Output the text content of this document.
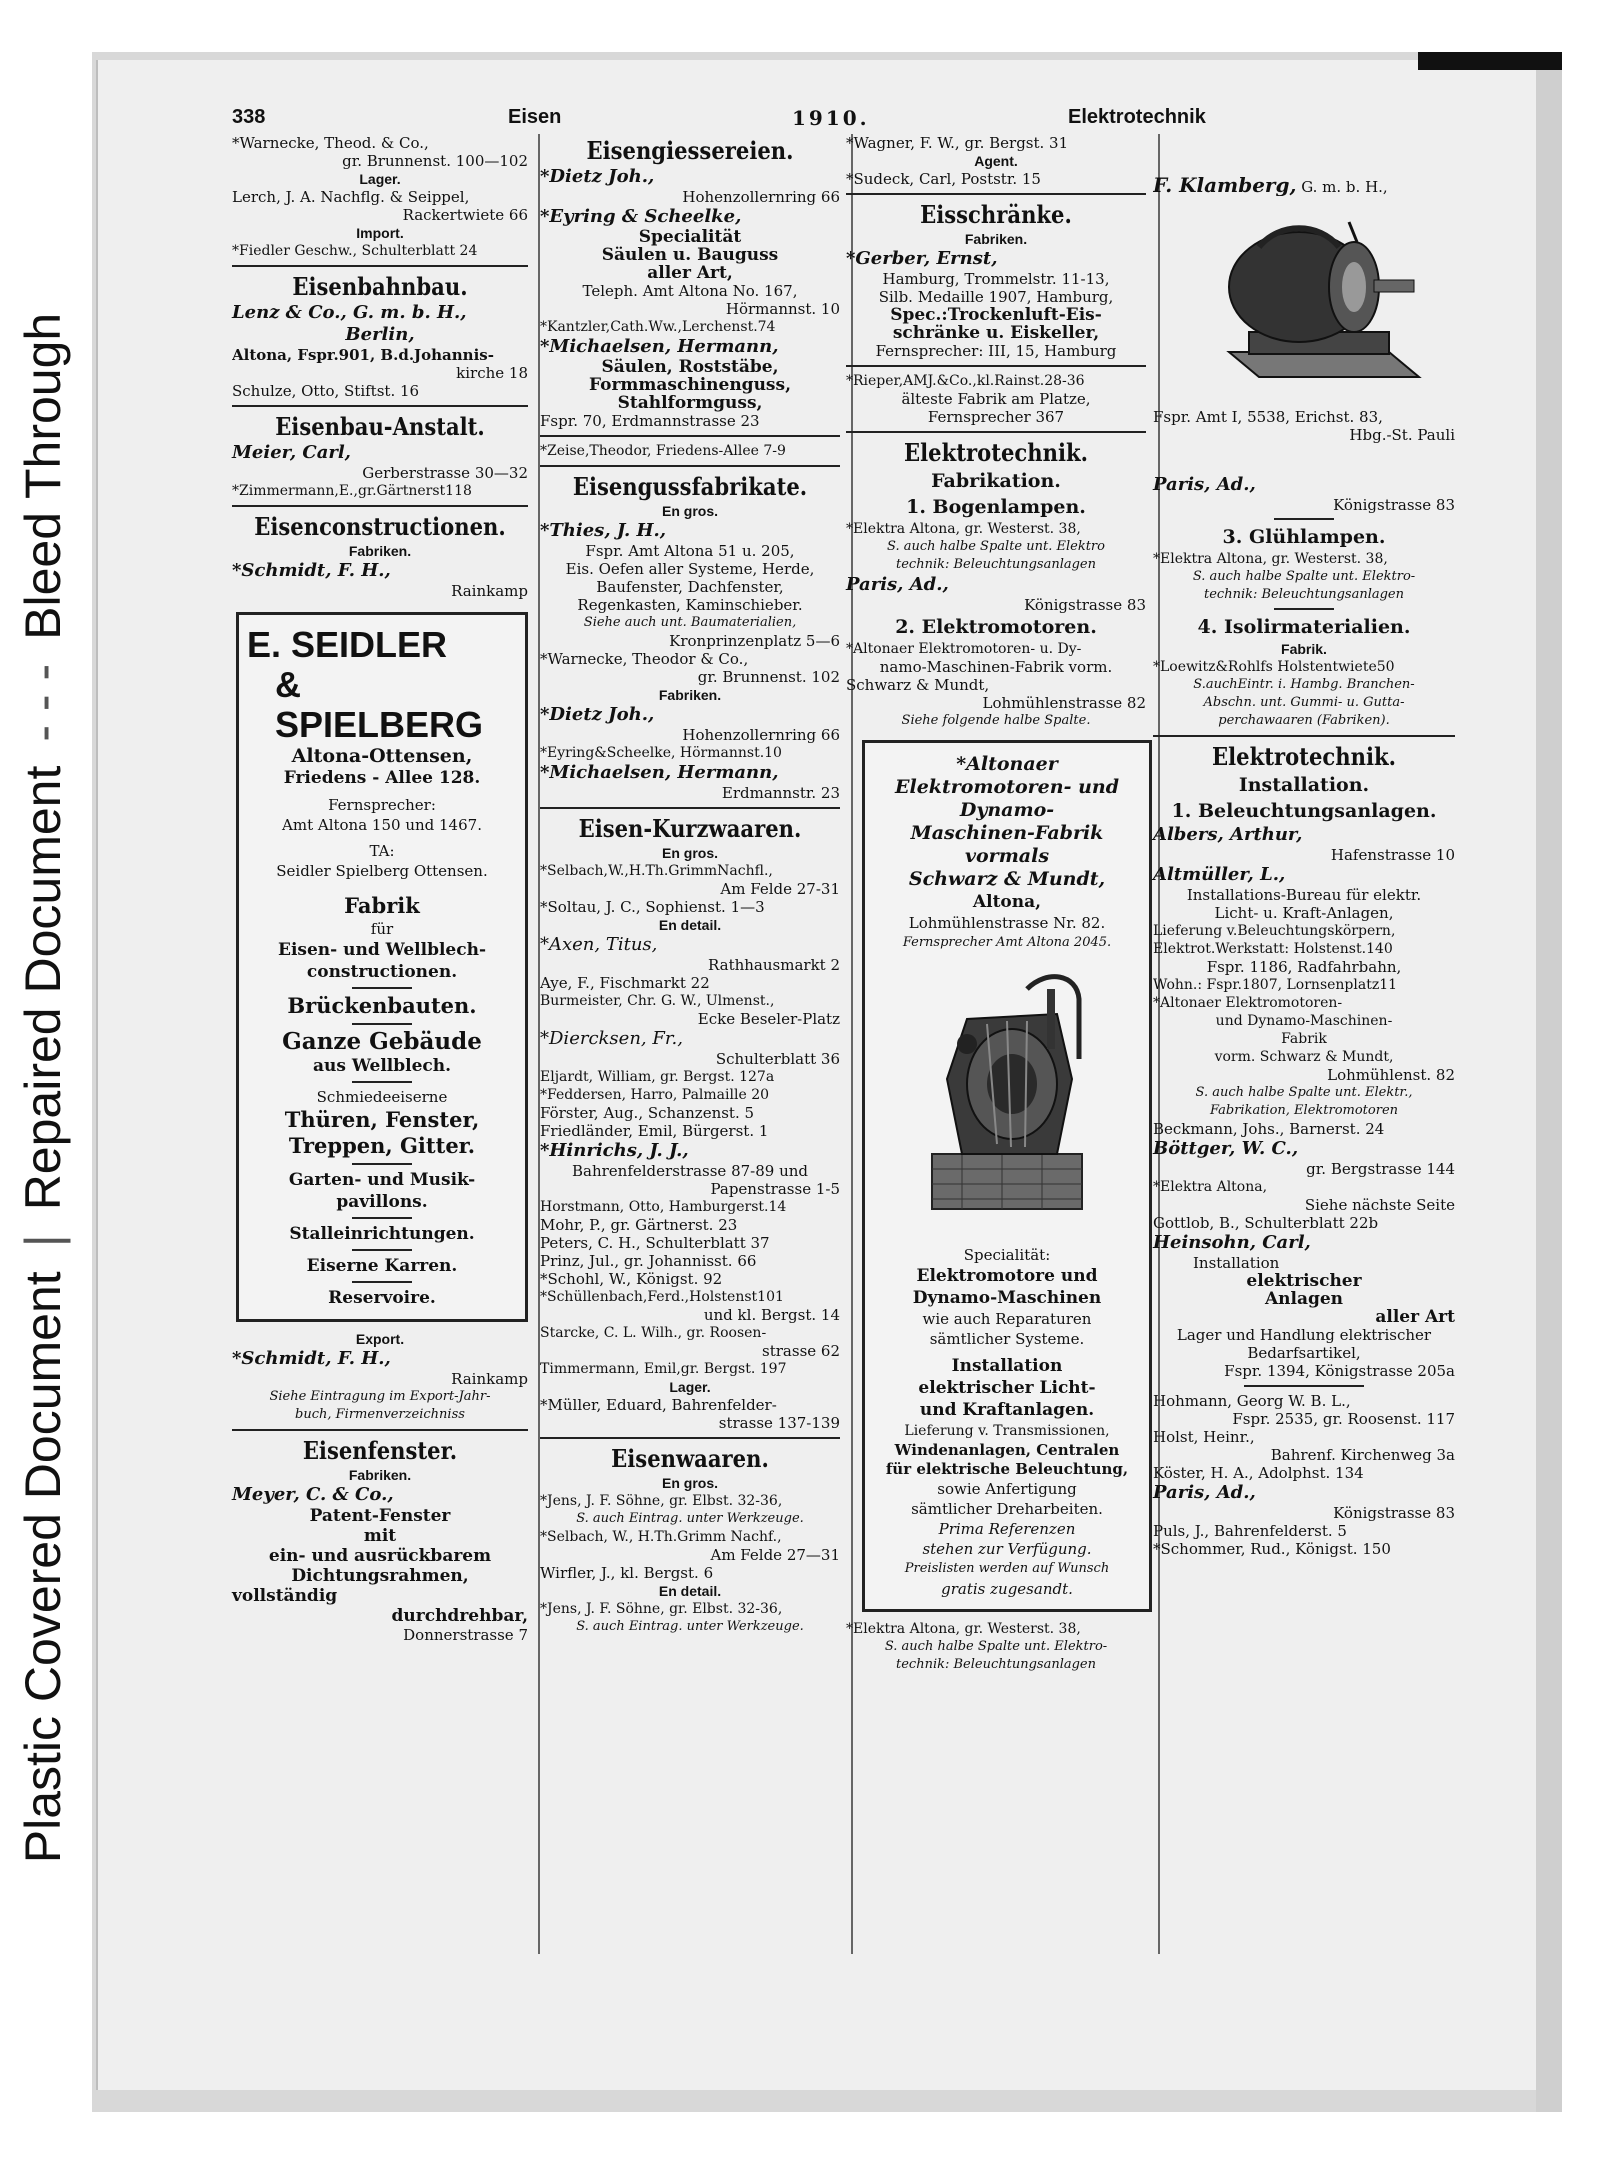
Plastic Covered Document|Repaired Document- - -Bleed Through
338	Eisen	1910.	Elektrotechnik
*Warnecke, Theod. & Co.,
gr. Brunnenst. 100—102
Lager.
Lerch, J. A. Nachflg. & Seippel,
Rackertwiete 66
Import.
*Fiedler Geschw., Schulterblatt 24
Eisenbahnbau.
Lenz & Co., G. m. b. H.,
Berlin,
Altona, Fspr.901, B.d.Johannis-
kirche 18
Schulze, Otto, Stiftst. 16
Eisenbau-Anstalt.
Meier, Carl,
Gerberstrasse 30—32
*Zimmermann,E.,gr.Gärtnerst118
Eisenconstructionen.
Fabriken.
*Schmidt, F. H.,
Rainkamp
E. SEIDLER
& SPIELBERG
Altona-Ottensen,
Friedens - Allee 128.
Fernsprecher:
Amt Altona 150 und 1467.
TA:
Seidler Spielberg Ottensen.
Fabrik
für
Eisen- und Wellblech-
constructionen.
Brückenbauten.
Ganze Gebäude
aus Wellblech.
Schmiedeeiserne
Thüren, Fenster,
Treppen, Gitter.
Garten- und Musik-
pavillons.
Stalleinrichtungen.
Eiserne Karren.
Reservoire.
Export.
*Schmidt, F. H.,
Rainkamp
Siehe Eintragung im Export-Jahr-
buch, Firmenverzeichniss
Eisenfenster.
Fabriken.
Meyer, C. & Co.,
Patent-Fenster
mit
ein- und ausrückbarem
Dichtungsrahmen,
vollständig
durchdrehbar,
Donnerstrasse 7
Eisengiessereien.
*Dietz Joh.,
Hohenzollernring 66
*Eyring & Scheelke,
Specialität
Säulen u. Bauguss
aller Art,
Teleph. Amt Altona No. 167,
Hörmannst. 10
*Kantzler,Cath.Ww.,Lerchenst.74
*Michaelsen, Hermann,
Säulen, Roststäbe,
Formmaschinenguss,
Stahlformguss,
Fspr. 70, Erdmannstrasse 23
*Zeise,Theodor, Friedens-Allee 7-9
Eisengussfabrikate.
En gros.
*Thies, J. H.,
Fspr. Amt Altona 51 u. 205,
Eis. Oefen aller Systeme, Herde,
Baufenster, Dachfenster,
Regenkasten, Kaminschieber.
Siehe auch unt. Baumaterialien,
Kronprinzenplatz 5—6
*Warnecke, Theodor & Co.,
gr. Brunnenst. 102
Fabriken.
*Dietz Joh.,
Hohenzollernring 66
*Eyring&Scheelke, Hörmannst.10
*Michaelsen, Hermann,
Erdmannstr. 23
Eisen-Kurzwaaren.
En gros.
*Selbach,W.,H.Th.GrimmNachfl.,
Am Felde 27-31
*Soltau, J. C., Sophienst. 1—3
En detail.
*Axen, Titus,
Rathhausmarkt 2
Aye, F., Fischmarkt 22
Burmeister, Chr. G. W., Ulmenst.,
Ecke Beseler-Platz
*Diercksen, Fr.,
Schulterblatt 36
Eljardt, William, gr. Bergst. 127a
*Feddersen, Harro, Palmaille 20
Förster, Aug., Schanzenst. 5
Friedländer, Emil, Bürgerst. 1
*Hinrichs, J. J.,
Bahrenfelderstrasse 87-89 und
Papenstrasse 1-5
Horstmann, Otto, Hamburgerst.14
Mohr, P., gr. Gärtnerst. 23
Peters, C. H., Schulterblatt 37
Prinz, Jul., gr. Johannisst. 66
*Schohl, W., Königst. 92
*Schüllenbach,Ferd.,Holstenst101
und kl. Bergst. 14
Starcke, C. L. Wilh., gr. Roosen-
strasse 62
Timmermann, Emil,gr. Bergst. 197
Lager.
*Müller, Eduard, Bahrenfelder-
strasse 137-139
Eisenwaaren.
En gros.
*Jens, J. F. Söhne, gr. Elbst. 32-36,
S. auch Eintrag. unter Werkzeuge.
*Selbach, W., H.Th.Grimm Nachf.,
Am Felde 27—31
Wirfler, J., kl. Bergst. 6
En detail.
*Jens, J. F. Söhne, gr. Elbst. 32-36,
S. auch Eintrag. unter Werkzeuge.
*Wagner, F. W., gr. Bergst. 31
Agent.
*Sudeck, Carl, Poststr. 15
Eisschränke.
Fabriken.
*Gerber, Ernst,
Hamburg, Trommelstr. 11-13,
Silb. Medaille 1907, Hamburg,
Spec.:Trockenluft-Eis-
schränke u. Eiskeller,
Fernsprecher: III, 15, Hamburg
*Rieper,AMJ.&Co.,kl.Rainst.28-36
älteste Fabrik am Platze,
Fernsprecher 367
Elektrotechnik.
Fabrikation.
1. Bogenlampen.
*Elektra Altona, gr. Westerst. 38,
S. auch halbe Spalte unt. Elektro
technik: Beleuchtungsanlagen
Paris, Ad.,
Königstrasse 83
2. Elektromotoren.
*Altonaer Elektromotoren- u. Dy-
namo-Maschinen-Fabrik vorm.
Schwarz & Mundt,
Lohmühlenstrasse 82
Siehe folgende halbe Spalte.
*Altonaer
Elektromotoren- und
Dynamo-
Maschinen-Fabrik
vormals
Schwarz & Mundt,
Altona,
Lohmühlenstrasse Nr. 82.
Fernsprecher Amt Altona 2045.
Specialität:
Elektromotore und
Dynamo-Maschinen
wie auch Reparaturen
sämtlicher Systeme.
Installation
elektrischer Licht-
und Kraftanlagen.
Lieferung v. Transmissionen,
Windenanlagen, Centralen
für elektrische Beleuchtung,
sowie Anfertigung
sämtlicher Dreharbeiten.
Prima Referenzen
stehen zur Verfügung.
Preislisten werden auf Wunsch
gratis zugesandt.
*Elektra Altona, gr. Westerst. 38,
S. auch halbe Spalte unt. Elektro-
technik: Beleuchtungsanlagen
F. Klamberg, G. m. b. H.,
Fspr. Amt I, 5538, Erichst. 83,
Hbg.-St. Pauli
Paris, Ad.,
Königstrasse 83
3. Glühlampen.
*Elektra Altona, gr. Westerst. 38,
S. auch halbe Spalte unt. Elektro-
technik: Beleuchtungsanlagen
4. Isolirmaterialien.
Fabrik.
*Loewitz&Rohlfs Holstentwiete50
S.auchEintr. i. Hambg. Branchen-
Abschn. unt. Gummi- u. Gutta-
perchawaaren (Fabriken).
Elektrotechnik.
Installation.
1. Beleuchtungsanlagen.
Albers, Arthur,
Hafenstrasse 10
Altmüller, L.,
Installations-Bureau für elektr.
Licht- u. Kraft-Anlagen,
Lieferung v.Beleuchtungskörpern,
Elektrot.Werkstatt: Holstenst.140
Fspr. 1186, Radfahrbahn,
Wohn.: Fspr.1807, Lornsenplatz11
*Altonaer Elektromotoren-
und Dynamo-Maschinen-
Fabrik
vorm. Schwarz & Mundt,
Lohmühlenst. 82
S. auch halbe Spalte unt. Elektr.,
Fabrikation, Elektromotoren
Beckmann, Johs., Barnerst. 24
Böttger, W. C.,
gr. Bergstrasse 144
*Elektra Altona,
Siehe nächste Seite
Gottlob, B., Schulterblatt 22b
Heinsohn, Carl,
Installation
elektrischer
Anlagen
aller Art
Lager und Handlung elektrischer
Bedarfsartikel,
Fspr. 1394, Königstrasse 205a
Hohmann, Georg W. B. L.,
Fspr. 2535, gr. Roosenst. 117
Holst, Heinr.,
Bahrenf. Kirchenweg 3a
Köster, H. A., Adolphst. 134
Paris, Ad.,
Königstrasse 83
Puls, J., Bahrenfelderst. 5
*Schommer, Rud., Königst. 150
